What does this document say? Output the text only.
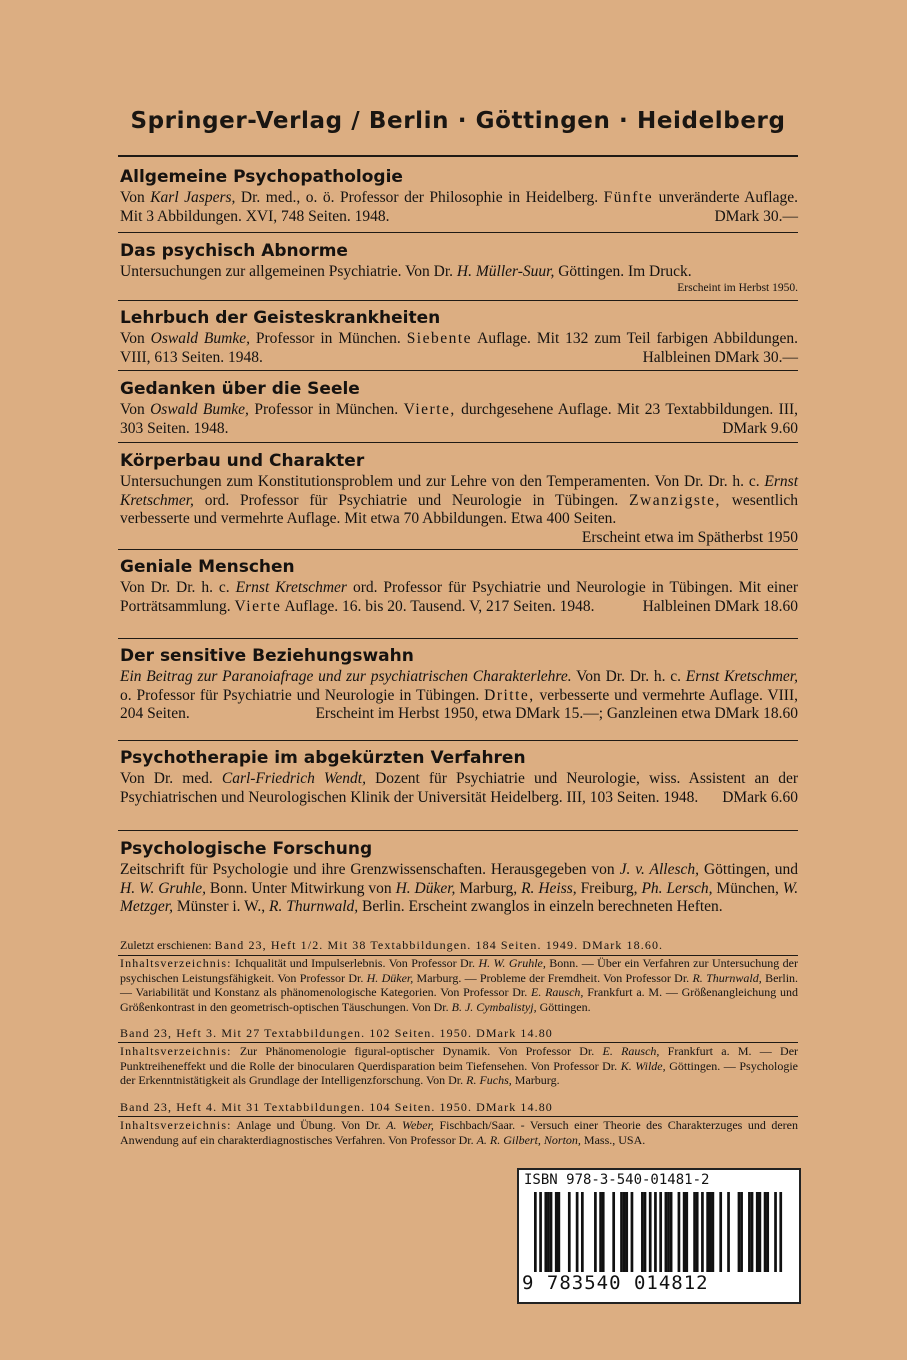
Springer-Verlag / Berlin · Göttingen · Heidelberg
Allgemeine Psychopathologie

Von Karl Jaspers, Dr. med., o. ö. Professor der Philosophie in Heidelberg. Fünfte unveränderte Auflage. Mit 3 Abbildungen. XVI, 748 Seiten. 1948.	DMark 30.—

Das psychisch Abnorme

Untersuchungen zur allgemeinen Psychiatrie. Von Dr. H. Müller-Suur, Göttingen. Im Druck.

Erscheint im Herbst 1950.

Lehrbuch der Geisteskrankheiten

Von Oswald Bumke, Professor in München. Siebente Auflage. Mit 132 zum Teil farbigen Abbildungen. VIII, 613 Seiten. 1948.	Halbleinen DMark 30.—

Gedanken über die Seele

Von Oswald Bumke, Professor in München. Vierte, durchgesehene Auflage. Mit 23 Textabbildungen. III, 303 Seiten. 1948.	DMark 9.60

Körperbau und Charakter

Untersuchungen zum Konstitutionsproblem und zur Lehre von den Temperamenten. Von Dr. Dr. h. c. Ernst Kretschmer, ord. Professor für Psychiatrie und Neurologie in Tübingen. Zwanzigste, wesentlich verbesserte und vermehrte Auflage. Mit etwa 70 Abbildungen. Etwa 400 Seiten.
Erscheint etwa im Spätherbst 1950

Geniale Menschen

Von Dr. Dr. h. c. Ernst Kretschmer ord. Professor für Psychiatrie und Neurologie in Tübingen. Mit einer Porträtsammlung. Vierte Auflage. 16. bis 20. Tausend. V, 217 Seiten. 1948.	Halbleinen DMark 18.60

Der sensitive Beziehungswahn

Ein Beitrag zur Paranoiafrage und zur psychiatrischen Charakterlehre. Von Dr. Dr. h. c. Ernst Kretschmer, o. Professor für Psychiatrie und Neurologie in Tübingen. Dritte, verbesserte und vermehrte Auflage. VIII, 204 Seiten.	Erscheint im Herbst 1950, etwa DMark 15.—; Ganzleinen etwa DMark 18.60

Psychotherapie im abgekürzten Verfahren

Von Dr. med. Carl-Friedrich Wendt, Dozent für Psychiatrie und Neurologie, wiss. Assistent an der Psychiatrischen und Neurologischen Klinik der Universität Heidelberg. III, 103 Seiten. 1948. DMark 6.60

Psychologische Forschung

Zeitschrift für Psychologie und ihre Grenzwissenschaften. Herausgegeben von J. v. Allesch, Göttingen, und H. W. Gruhle, Bonn. Unter Mitwirkung von H. Düker, Marburg, R. Heiss, Freiburg, Ph. Lersch, München, W. Metzger, Münster i. W., R. Thurnwald, Berlin. Erscheint zwanglos in einzeln berechneten Heften.

Zuletzt erschienen: Band 23, Heft 1/2. Mit 38 Textabbildungen. 184 Seiten. 1949. DMark 18.60.

Inhaltsverzeichnis: Ichqualität und Impulserlebnis. Von Professor Dr. H. W. Gruhle, Bonn. — Über ein Verfahren zur Untersuchung der psychischen Leistungsfähigkeit. Von Professor Dr. H. Düker, Marburg. — Probleme der Fremdheit. Von Professor Dr. R. Thurnwald, Berlin. — Variabilität und Konstanz als phänomenologische Kategorien. Von Professor Dr. E. Rausch, Frankfurt a. M. — Größenangleichung und Größenkontrast in den geometrisch-optischen Täuschungen. Von Dr. B. J. Cymbalistyj, Göttingen.

Band 23, Heft 3. Mit 27 Textabbildungen. 102 Seiten. 1950. DMark 14.80

Inhaltsverzeichnis: Zur Phänomenologie figural-optischer Dynamik. Von Professor Dr. E. Rausch, Frankfurt a. M. — Der Punktreiheneffekt und die Rolle der binocularen Querdisparation beim Tiefensehen. Von Professor Dr. K. Wilde, Göttingen. — Psychologie der Erkenntnistätigkeit als Grundlage der Intelligenzforschung. Von Dr. R. Fuchs, Marburg.

Band 23, Heft 4. Mit 31 Textabbildungen. 104 Seiten. 1950. DMark 14.80

Inhaltsverzeichnis: Anlage und Übung. Von Dr. A. Weber, Fischbach/Saar. - Versuch einer Theorie des Charakterzuges und deren Anwendung auf ein charakterdiagnostisches Verfahren. Von Professor Dr. A. R. Gilbert, Norton, Mass., USA.

ISBN 978-3-540-01481-2
9 783540 014812
